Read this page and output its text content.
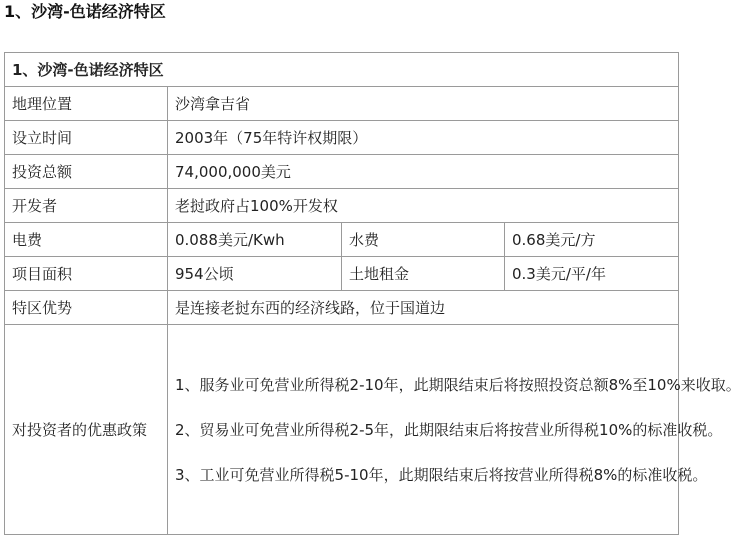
1、沙湾-色诺经济特区
1、沙湾-色诺经济特区			
地理位置	沙湾拿吉省		
设立时间	2003年（75年特许权期限）		
投资总额	74,000,000美元		
开发者	老挝政府占100%开发权		
电费	0.088美元/Kwh	水费	0.68美元/方
项目面积	954公顷	土地租金	0.3美元/平/年
特区优势	是连接老挝东西的经济线路，位于国道边		
对投资者的优惠政策	1、服务业可免营业所得税2-10年，此期限结束后将按照投资总额8%至10%来收取。
2、贸易业可免营业所得税2-5年，此期限结束后将按营业所得税10%的标准收税。
3、工业可免营业所得税5-10年，此期限结束后将按营业所得税8%的标准收税。		
